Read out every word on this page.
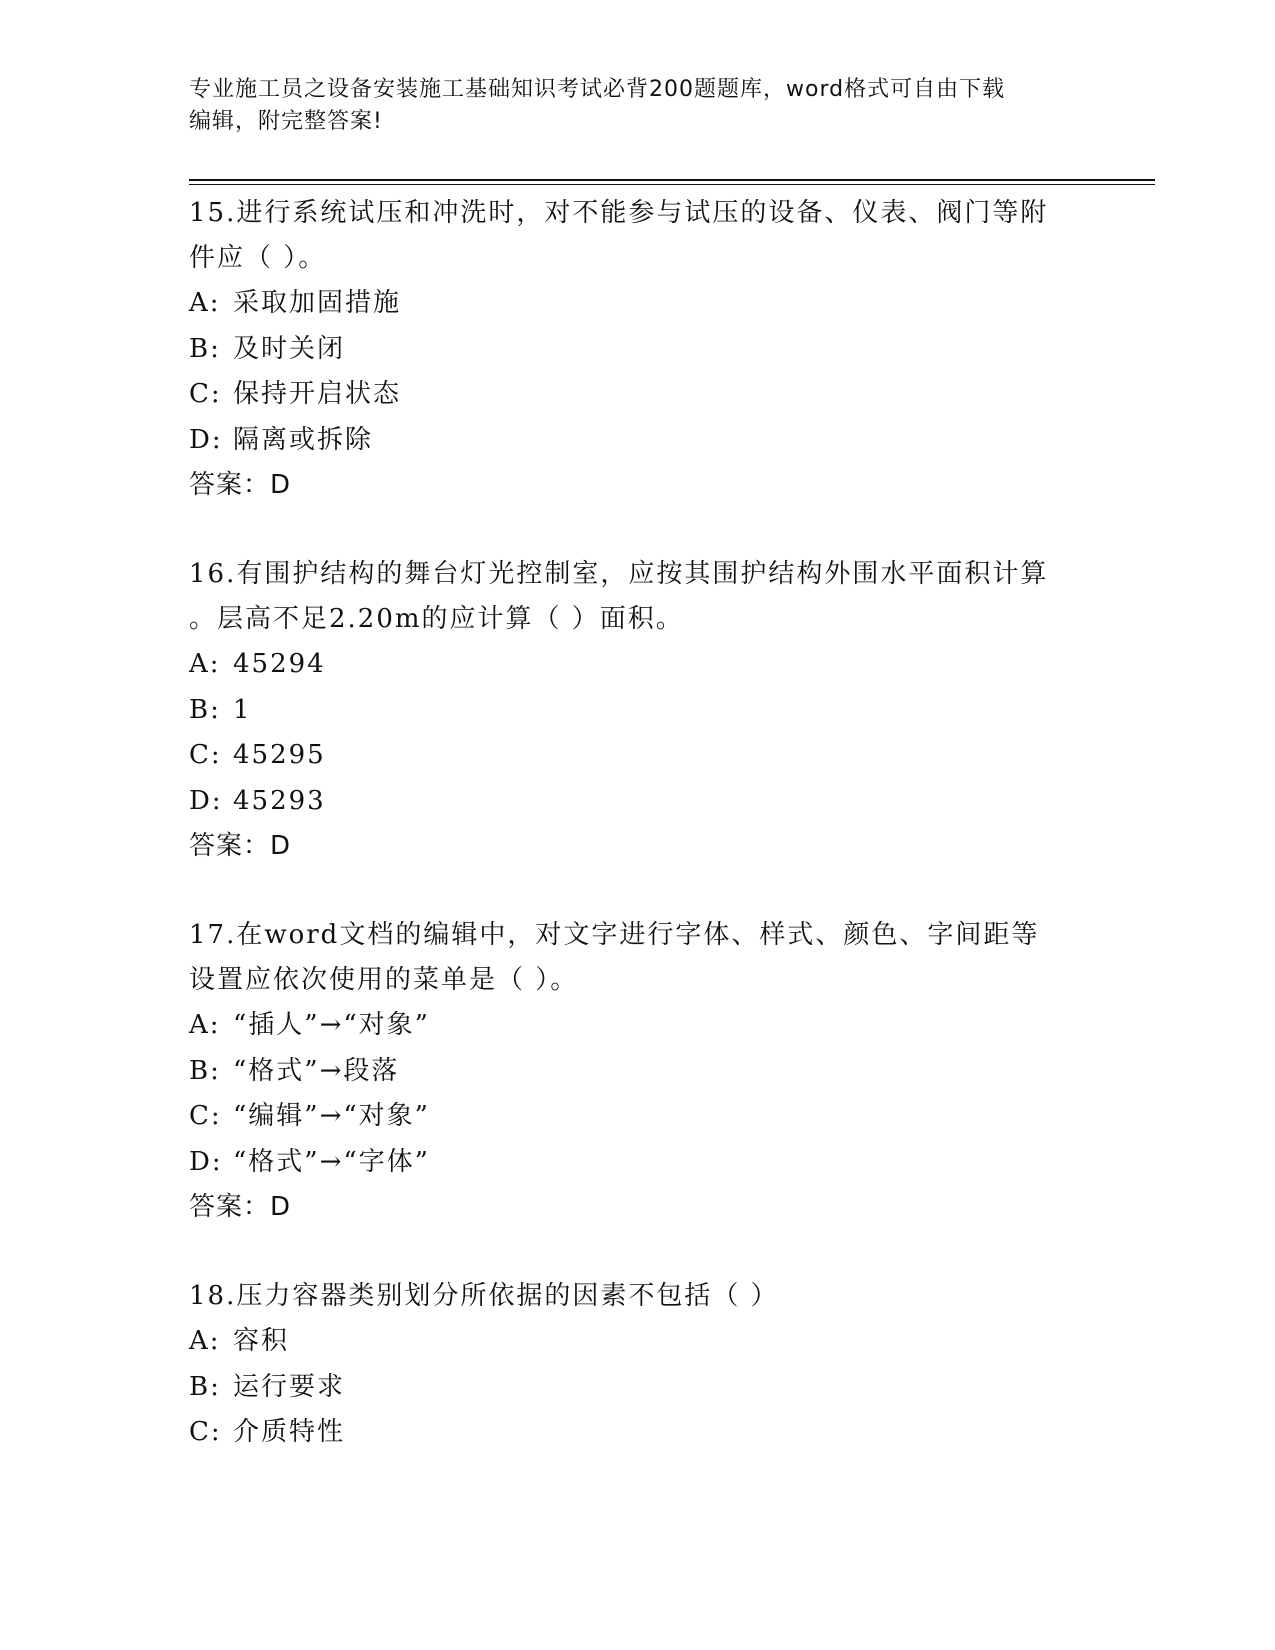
专业施工员之设备安装施工基础知识考试必背200题题库，word格式可自由下载
编辑，附完整答案!
15.进行系统试压和冲洗时，对不能参与试压的设备、仪表、阀门等附
件应（ ）。
A: 采取加固措施
B: 及时关闭
C: 保持开启状态
D: 隔离或拆除
答案：D
16.有围护结构的舞台灯光控制室，应按其围护结构外围水平面积计算
。层高不足2.20m的应计算（ ）面积。
A: 45294
B: 1
C: 45295
D: 45293
答案：D
17.在word文档的编辑中，对文字进行字体、样式、颜色、字间距等
设置应依次使用的菜单是（ ）。
A: “插人”→“对象”
B: “格式”→段落
C: “编辑”→“对象”
D: “格式”→“字体”
答案：D
18.压力容器类别划分所依据的因素不包括（ ）
A: 容积
B: 运行要求
C: 介质特性
